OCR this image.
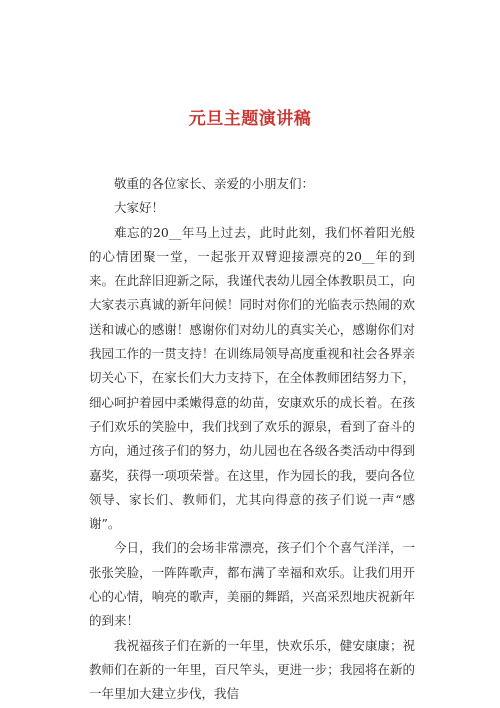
元旦主题演讲稿

敬重的各位家长、亲爱的小朋友们：

大家好！

难忘的20__年马上过去，此时此刻，我们怀着阳光般的心情团聚一堂，一起张开双臂迎接漂亮的20__年的到来。在此辞旧迎新之际，我谨代表幼儿园全体教职员工，向大家表示真诚的新年问候！同时对你们的光临表示热闹的欢送和诚心的感谢！感谢你们对幼儿的真实关心，感谢你们对我园工作的一贯支持！在训练局领导高度重视和社会各界亲切关心下，在家长们大力支持下，在全体教师团结努力下，细心呵护着园中柔嫩得意的幼苗，安康欢乐的成长着。在孩子们欢乐的笑脸中，我们找到了欢乐的源泉，看到了奋斗的方向，通过孩子们的努力，幼儿园也在各级各类活动中得到嘉奖，获得一项项荣誉。在这里，作为园长的我，要向各位领导、家长们、教师们，尤其向得意的孩子们说一声“感谢”。

今日，我们的会场非常漂亮，孩子们个个喜气洋洋，一张张笑脸，一阵阵歌声，都布满了幸福和欢乐。让我们用开心的心情，响亮的歌声，美丽的舞蹈，兴高采烈地庆祝新年的到来！

我祝福孩子们在新的一年里，快欢乐乐，健安康康；祝教师们在新的一年里，百尺竿头，更进一步；我园将在新的一年里加大建立步伐，我信
